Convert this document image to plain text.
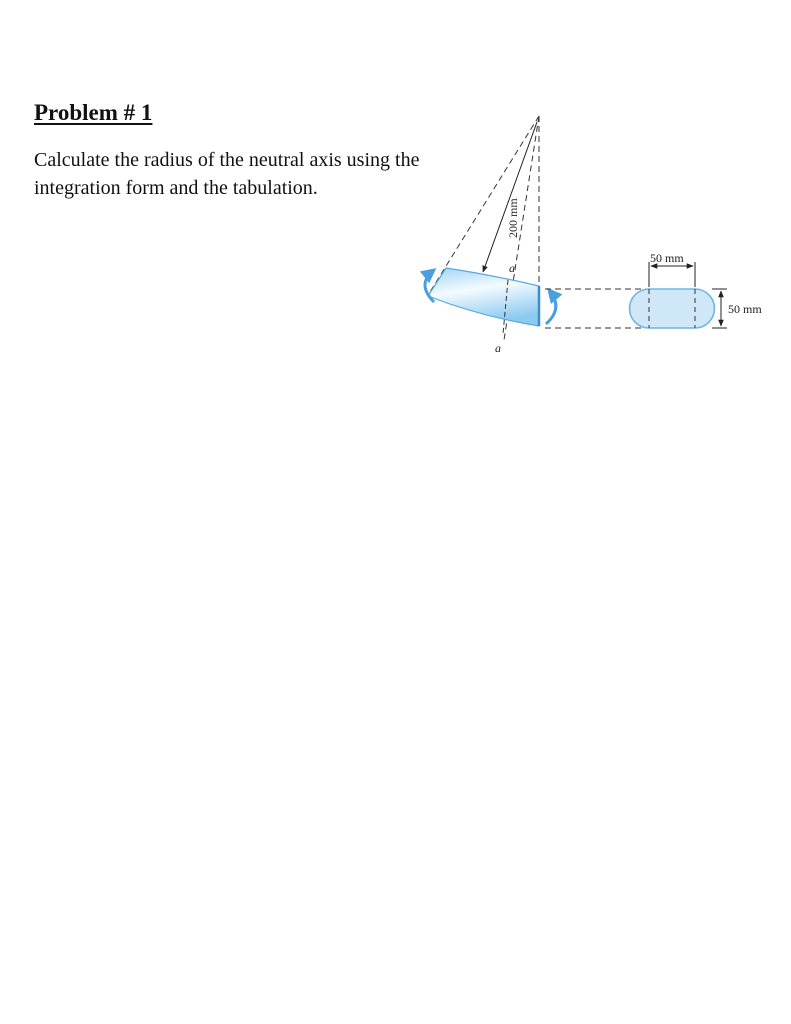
Problem # 1

Calculate the radius of the neutral axis using the integration form and the tabulation.

200 mm
a
a
50 mm
50 mm
